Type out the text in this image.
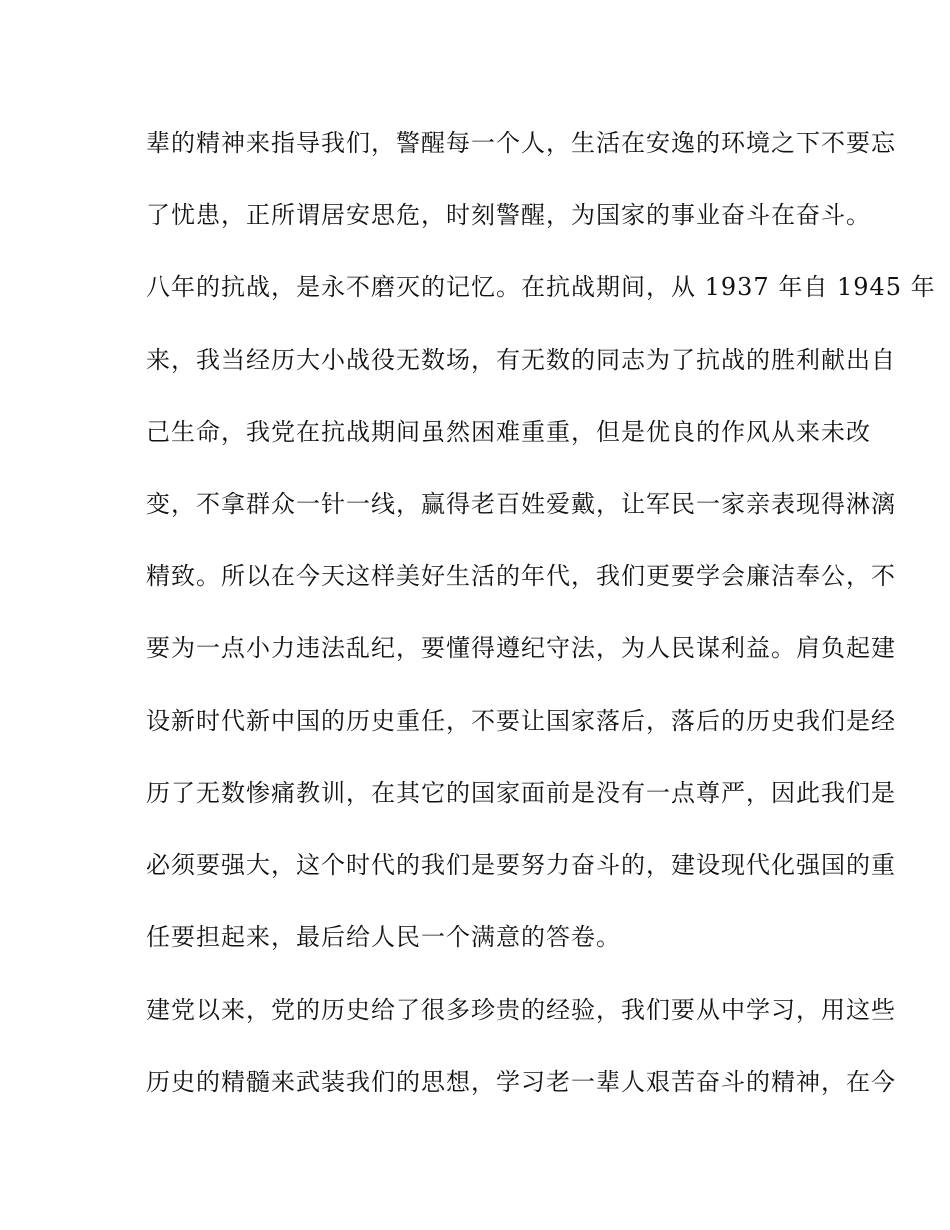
辈的精神来指导我们，警醒每一个人，生活在安逸的环境之下不要忘
了忧患，正所谓居安思危，时刻警醒，为国家的事业奋斗在奋斗。
八年的抗战，是永不磨灭的记忆。在抗战期间，从 1937 年自 1945 年
来，我当经历大小战役无数场，有无数的同志为了抗战的胜利献出自
己生命，我党在抗战期间虽然困难重重，但是优良的作风从来未改
变，不拿群众一针一线，赢得老百姓爱戴，让军民一家亲表现得淋漓
精致。所以在今天这样美好生活的年代，我们更要学会廉洁奉公，不
要为一点小力违法乱纪，要懂得遵纪守法，为人民谋利益。肩负起建
设新时代新中国的历史重任，不要让国家落后，落后的历史我们是经
历了无数惨痛教训，在其它的国家面前是没有一点尊严，因此我们是
必须要强大，这个时代的我们是要努力奋斗的，建设现代化强国的重
任要担起来，最后给人民一个满意的答卷。
建党以来，党的历史给了很多珍贵的经验，我们要从中学习，用这些
历史的精髓来武装我们的思想，学习老一辈人艰苦奋斗的精神，在今
